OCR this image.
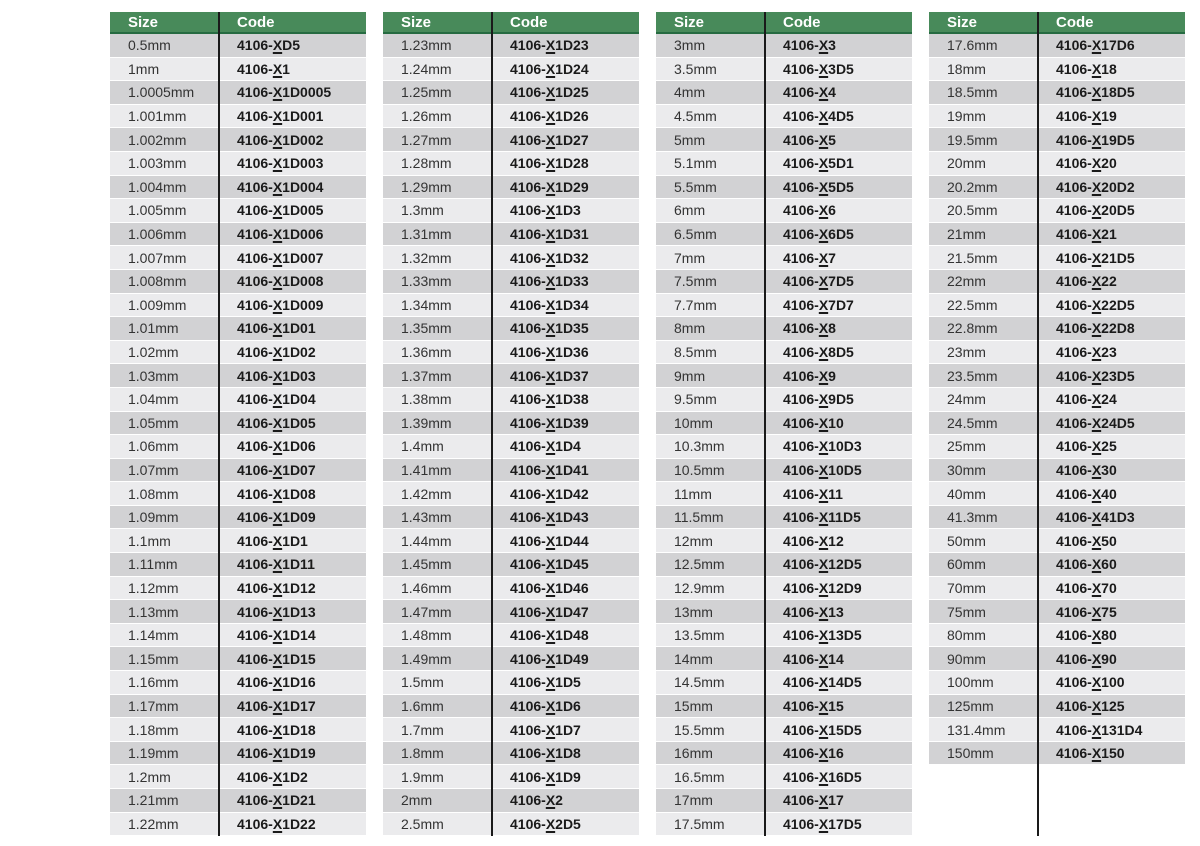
Size	Code
0.5mm	4106- X D5
1mm	4106- X 1
1.0005mm	4106- X 1D0005
1.001mm	4106- X 1D001
1.002mm	4106- X 1D002
1.003mm	4106- X 1D003
1.004mm	4106- X 1D004
1.005mm	4106- X 1D005
1.006mm	4106- X 1D006
1.007mm	4106- X 1D007
1.008mm	4106- X 1D008
1.009mm	4106- X 1D009
1.01mm	4106- X 1D01
1.02mm	4106- X 1D02
1.03mm	4106- X 1D03
1.04mm	4106- X 1D04
1.05mm	4106- X 1D05
1.06mm	4106- X 1D06
1.07mm	4106- X 1D07
1.08mm	4106- X 1D08
1.09mm	4106- X 1D09
1.1mm	4106- X 1D1
1.11mm	4106- X 1D11
1.12mm	4106- X 1D12
1.13mm	4106- X 1D13
1.14mm	4106- X 1D14
1.15mm	4106- X 1D15
1.16mm	4106- X 1D16
1.17mm	4106- X 1D17
1.18mm	4106- X 1D18
1.19mm	4106- X 1D19
1.2mm	4106- X 1D2
1.21mm	4106- X 1D21
1.22mm	4106- X 1D22
Size	Code
1.23mm	4106- X 1D23
1.24mm	4106- X 1D24
1.25mm	4106- X 1D25
1.26mm	4106- X 1D26
1.27mm	4106- X 1D27
1.28mm	4106- X 1D28
1.29mm	4106- X 1D29
1.3mm	4106- X 1D3
1.31mm	4106- X 1D31
1.32mm	4106- X 1D32
1.33mm	4106- X 1D33
1.34mm	4106- X 1D34
1.35mm	4106- X 1D35
1.36mm	4106- X 1D36
1.37mm	4106- X 1D37
1.38mm	4106- X 1D38
1.39mm	4106- X 1D39
1.4mm	4106- X 1D4
1.41mm	4106- X 1D41
1.42mm	4106- X 1D42
1.43mm	4106- X 1D43
1.44mm	4106- X 1D44
1.45mm	4106- X 1D45
1.46mm	4106- X 1D46
1.47mm	4106- X 1D47
1.48mm	4106- X 1D48
1.49mm	4106- X 1D49
1.5mm	4106- X 1D5
1.6mm	4106- X 1D6
1.7mm	4106- X 1D7
1.8mm	4106- X 1D8
1.9mm	4106- X 1D9
2mm	4106- X 2
2.5mm	4106- X 2D5
Size	Code
3mm	4106- X 3
3.5mm	4106- X 3D5
4mm	4106- X 4
4.5mm	4106- X 4D5
5mm	4106- X 5
5.1mm	4106- X 5D1
5.5mm	4106- X 5D5
6mm	4106- X 6
6.5mm	4106- X 6D5
7mm	4106- X 7
7.5mm	4106- X 7D5
7.7mm	4106- X 7D7
8mm	4106- X 8
8.5mm	4106- X 8D5
9mm	4106- X 9
9.5mm	4106- X 9D5
10mm	4106- X 10
10.3mm	4106- X 10D3
10.5mm	4106- X 10D5
11mm	4106- X 11
11.5mm	4106- X 11D5
12mm	4106- X 12
12.5mm	4106- X 12D5
12.9mm	4106- X 12D9
13mm	4106- X 13
13.5mm	4106- X 13D5
14mm	4106- X 14
14.5mm	4106- X 14D5
15mm	4106- X 15
15.5mm	4106- X 15D5
16mm	4106- X 16
16.5mm	4106- X 16D5
17mm	4106- X 17
17.5mm	4106- X 17D5
Size	Code
17.6mm	4106- X 17D6
18mm	4106- X 18
18.5mm	4106- X 18D5
19mm	4106- X 19
19.5mm	4106- X 19D5
20mm	4106- X 20
20.2mm	4106- X 20D2
20.5mm	4106- X 20D5
21mm	4106- X 21
21.5mm	4106- X 21D5
22mm	4106- X 22
22.5mm	4106- X 22D5
22.8mm	4106- X 22D8
23mm	4106- X 23
23.5mm	4106- X 23D5
24mm	4106- X 24
24.5mm	4106- X 24D5
25mm	4106- X 25
30mm	4106- X 30
40mm	4106- X 40
41.3mm	4106- X 41D3
50mm	4106- X 50
60mm	4106- X 60
70mm	4106- X 70
75mm	4106- X 75
80mm	4106- X 80
90mm	4106- X 90
100mm	4106- X 100
125mm	4106- X 125
131.4mm	4106- X 131D4
150mm	4106- X 150
